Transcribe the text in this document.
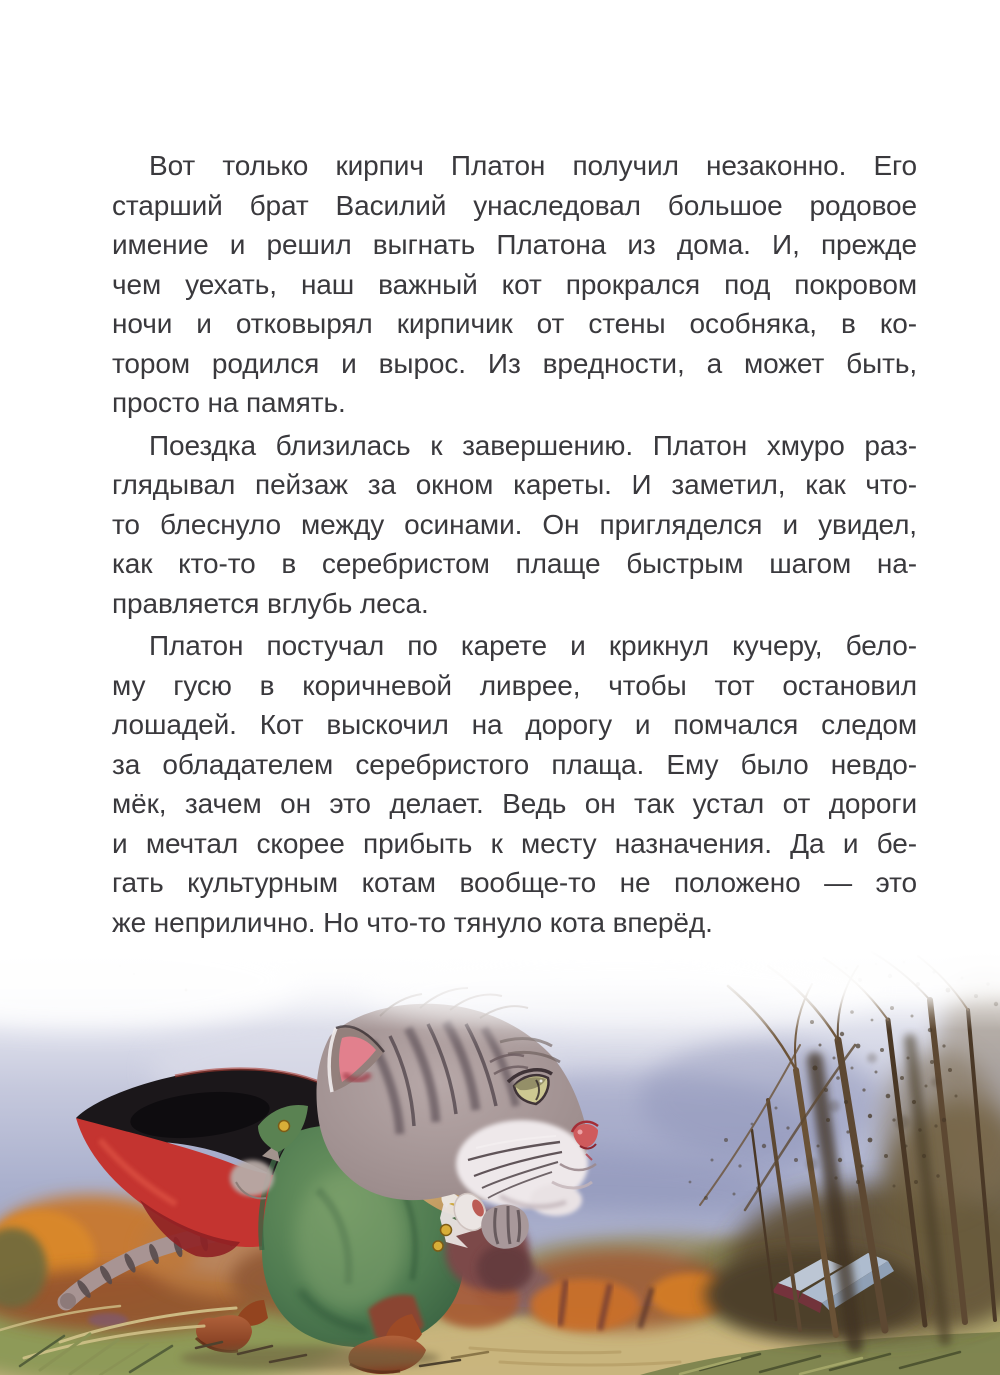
Вот только кирпич Платон получил незаконно. Его
старший брат Василий унаследовал большое родовое
имение и решил выгнать Платона из дома. И, прежде
чем уехать, наш важный кот прокрался под покровом
ночи и отковырял кирпичик от стены особняка, в ко-
тором родился и вырос. Из вредности, а может быть,
просто на память.
Поездка близилась к завершению. Платон хмуро раз-
глядывал пейзаж за окном кареты. И заметил, как что-
то блеснуло между осинами. Он пригляделся и увидел,
как кто-то в серебристом плаще быстрым шагом на-
правляется вглубь леса.
Платон постучал по карете и крикнул кучеру, бело-
му гусю в коричневой ливрее, чтобы тот остановил
лошадей. Кот выскочил на дорогу и помчался следом
за обладателем серебристого плаща. Ему было невдо-
мёк, зачем он это делает. Ведь он так устал от дороги
и мечтал скорее прибыть к месту назначения. Да и бе-
гать культурным котам вообще-то не положено — это
же неприлично. Но что-то тянуло кота вперёд.
